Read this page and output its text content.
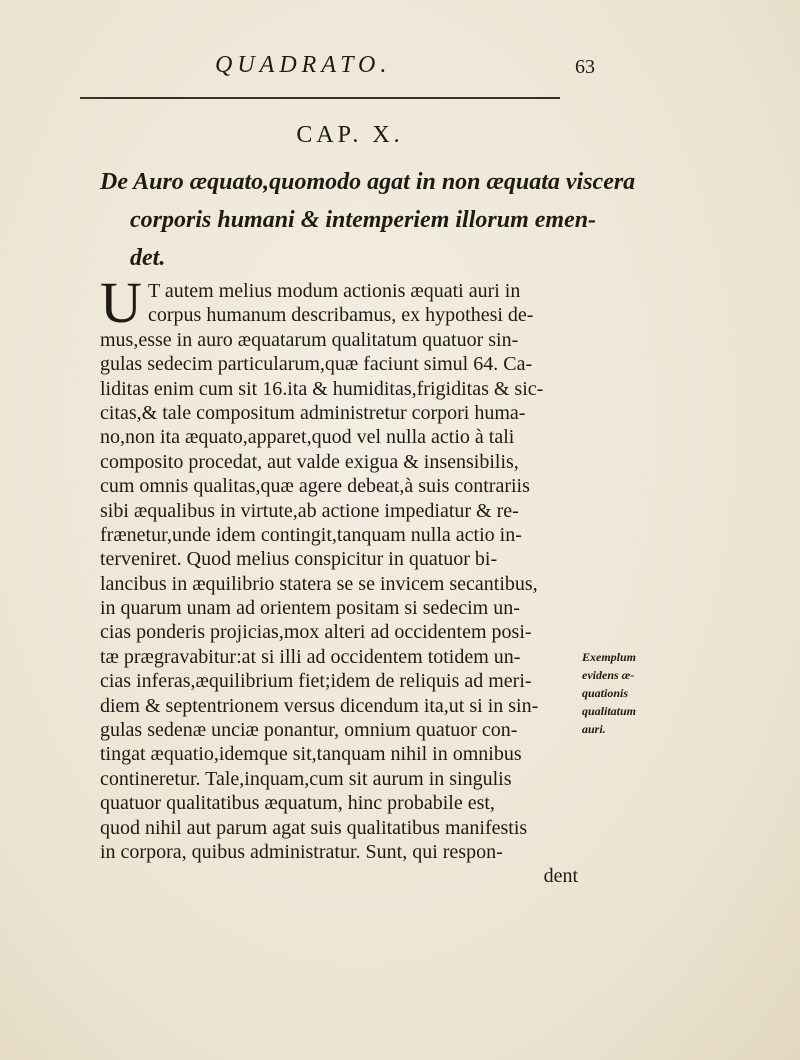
QUADRATO.	63
CAP. X.
De Auro æquato,quomodo agat in non æquata viscera
corporis humani & intemperiem illorum emen-
det.
U T autem melius modum actionis æquati auri in
corpus humanum describamus, ex hypothesi de-
mus,esse in auro æquatarum qualitatum quatuor sin-
gulas sedecim particularum,quæ faciunt simul 64. Ca-
liditas enim cum sit 16.ita & humiditas,frigiditas & sic-
citas,& tale compositum administretur corpori huma-
no,non ita æquato,apparet,quod vel nulla actio à tali
composito procedat, aut valde exigua & insensibilis,
cum omnis qualitas,quæ agere debeat,à suis contrariis
sibi æqualibus in virtute,ab actione impediatur & re-
frænetur,unde idem contingit,tanquam nulla actio in-
terveniret. Quod melius conspicitur in quatuor bi-
lancibus in æquilibrio statera se se invicem secantibus,
in quarum unam ad orientem positam si sedecim un-
cias ponderis projicias,mox alteri ad occidentem posi-
tæ prægravabitur:at si illi ad occidentem totidem un-
cias inferas,æquilibrium fiet;idem de reliquis ad meri-
diem & septentrionem versus dicendum ita,ut si in sin-
gulas sedenæ unciæ ponantur, omnium quatuor con-
tingat æquatio,idemque sit,tanquam nihil in omnibus
contineretur. Tale,inquam,cum sit aurum in singulis
quatuor qualitatibus æquatum, hinc probabile est,
quod nihil aut parum agat suis qualitatibus manifestis
in corpora, quibus administratur. Sunt, qui respon-
dent
Exemplum
evidens æ-
quationis
qualitatum
auri.
